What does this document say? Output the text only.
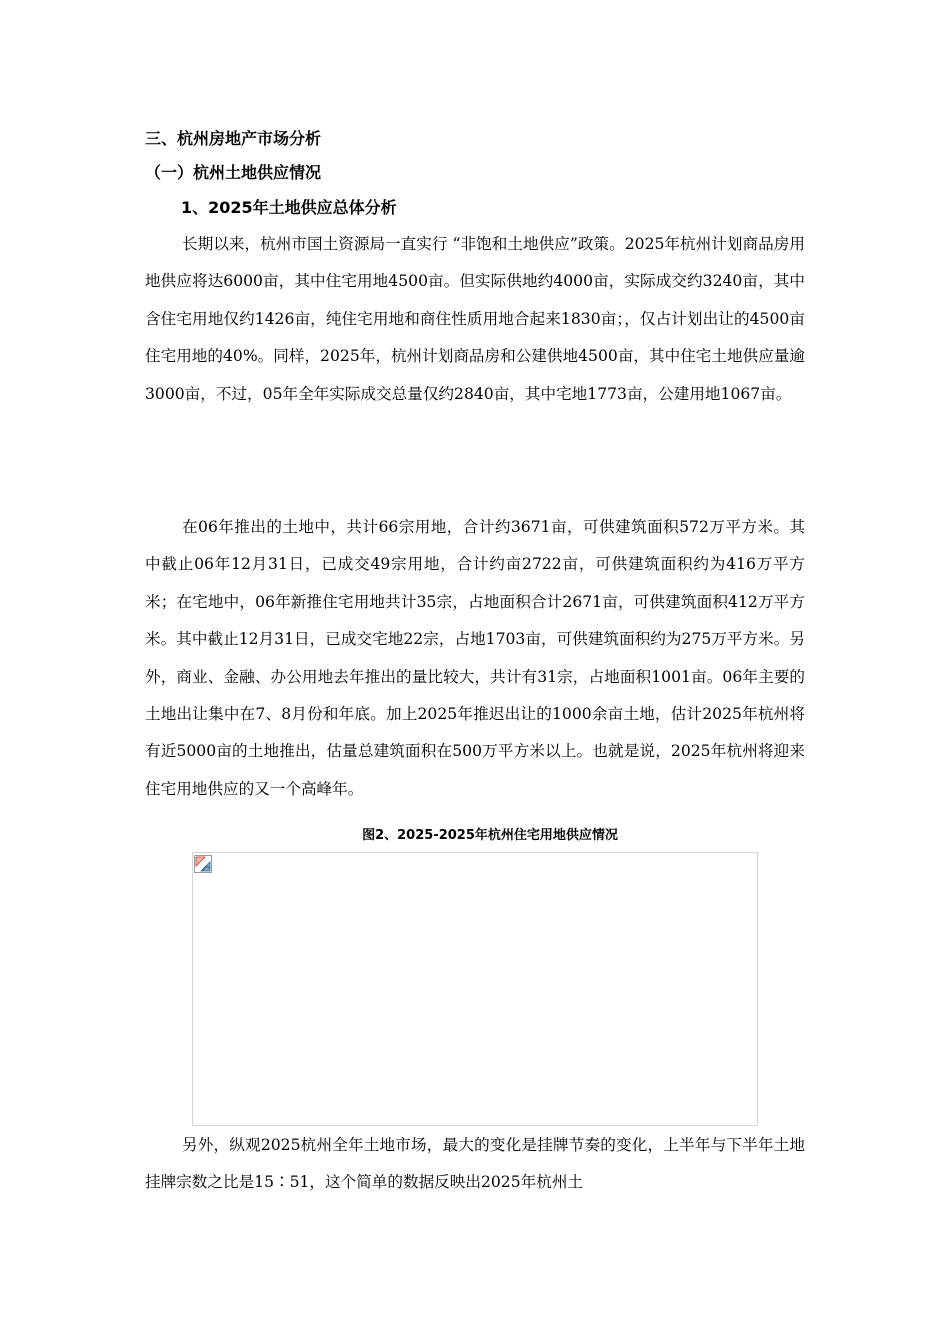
三、杭州房地产市场分析
（一）杭州土地供应情况
1、2025年土地供应总体分析

长期以来，杭州市国土资源局一直实行 “非饱和土地供应”政策。2025年杭州计划商品房用地供应将达6000亩，其中住宅用地4500亩。但实际供地约4000亩，实际成交约3240亩，其中含住宅用地仅约1426亩，纯住宅用地和商住性质用地合起来1830亩；，仅占计划出让的4500亩住宅用地的40%。同样，2025年，杭州计划商品房和公建供地4500亩，其中住宅土地供应量逾3000亩，不过，05年全年实际成交总量仅约2840亩，其中宅地1773亩，公建用地1067亩。

在06年推出的土地中，共计66宗用地，合计约3671亩，可供建筑面积572万平方米。其中截止06年12月31日，已成交49宗用地，合计约亩2722亩，可供建筑面积约为416万平方米；在宅地中，06年新推住宅用地共计35宗，占地面积合计2671亩，可供建筑面积412万平方米。其中截止12月31日，已成交宅地22宗，占地1703亩，可供建筑面积约为275万平方米。另外，商业、金融、办公用地去年推出的量比较大，共计有31宗，占地面积1001亩。06年主要的土地出让集中在7、8月份和年底。加上2025年推迟出让的1000余亩土地，估计2025年杭州将有近5000亩的土地推出，估量总建筑面积在500万平方米以上。也就是说，2025年杭州将迎来住宅用地供应的又一个高峰年。

图2、2025-2025年杭州住宅用地供应情况

另外，纵观2025杭州全年土地市场，最大的变化是挂牌节奏的变化，上半年与下半年土地挂牌宗数之比是15∶51，这个简单的数据反映出2025年杭州土
